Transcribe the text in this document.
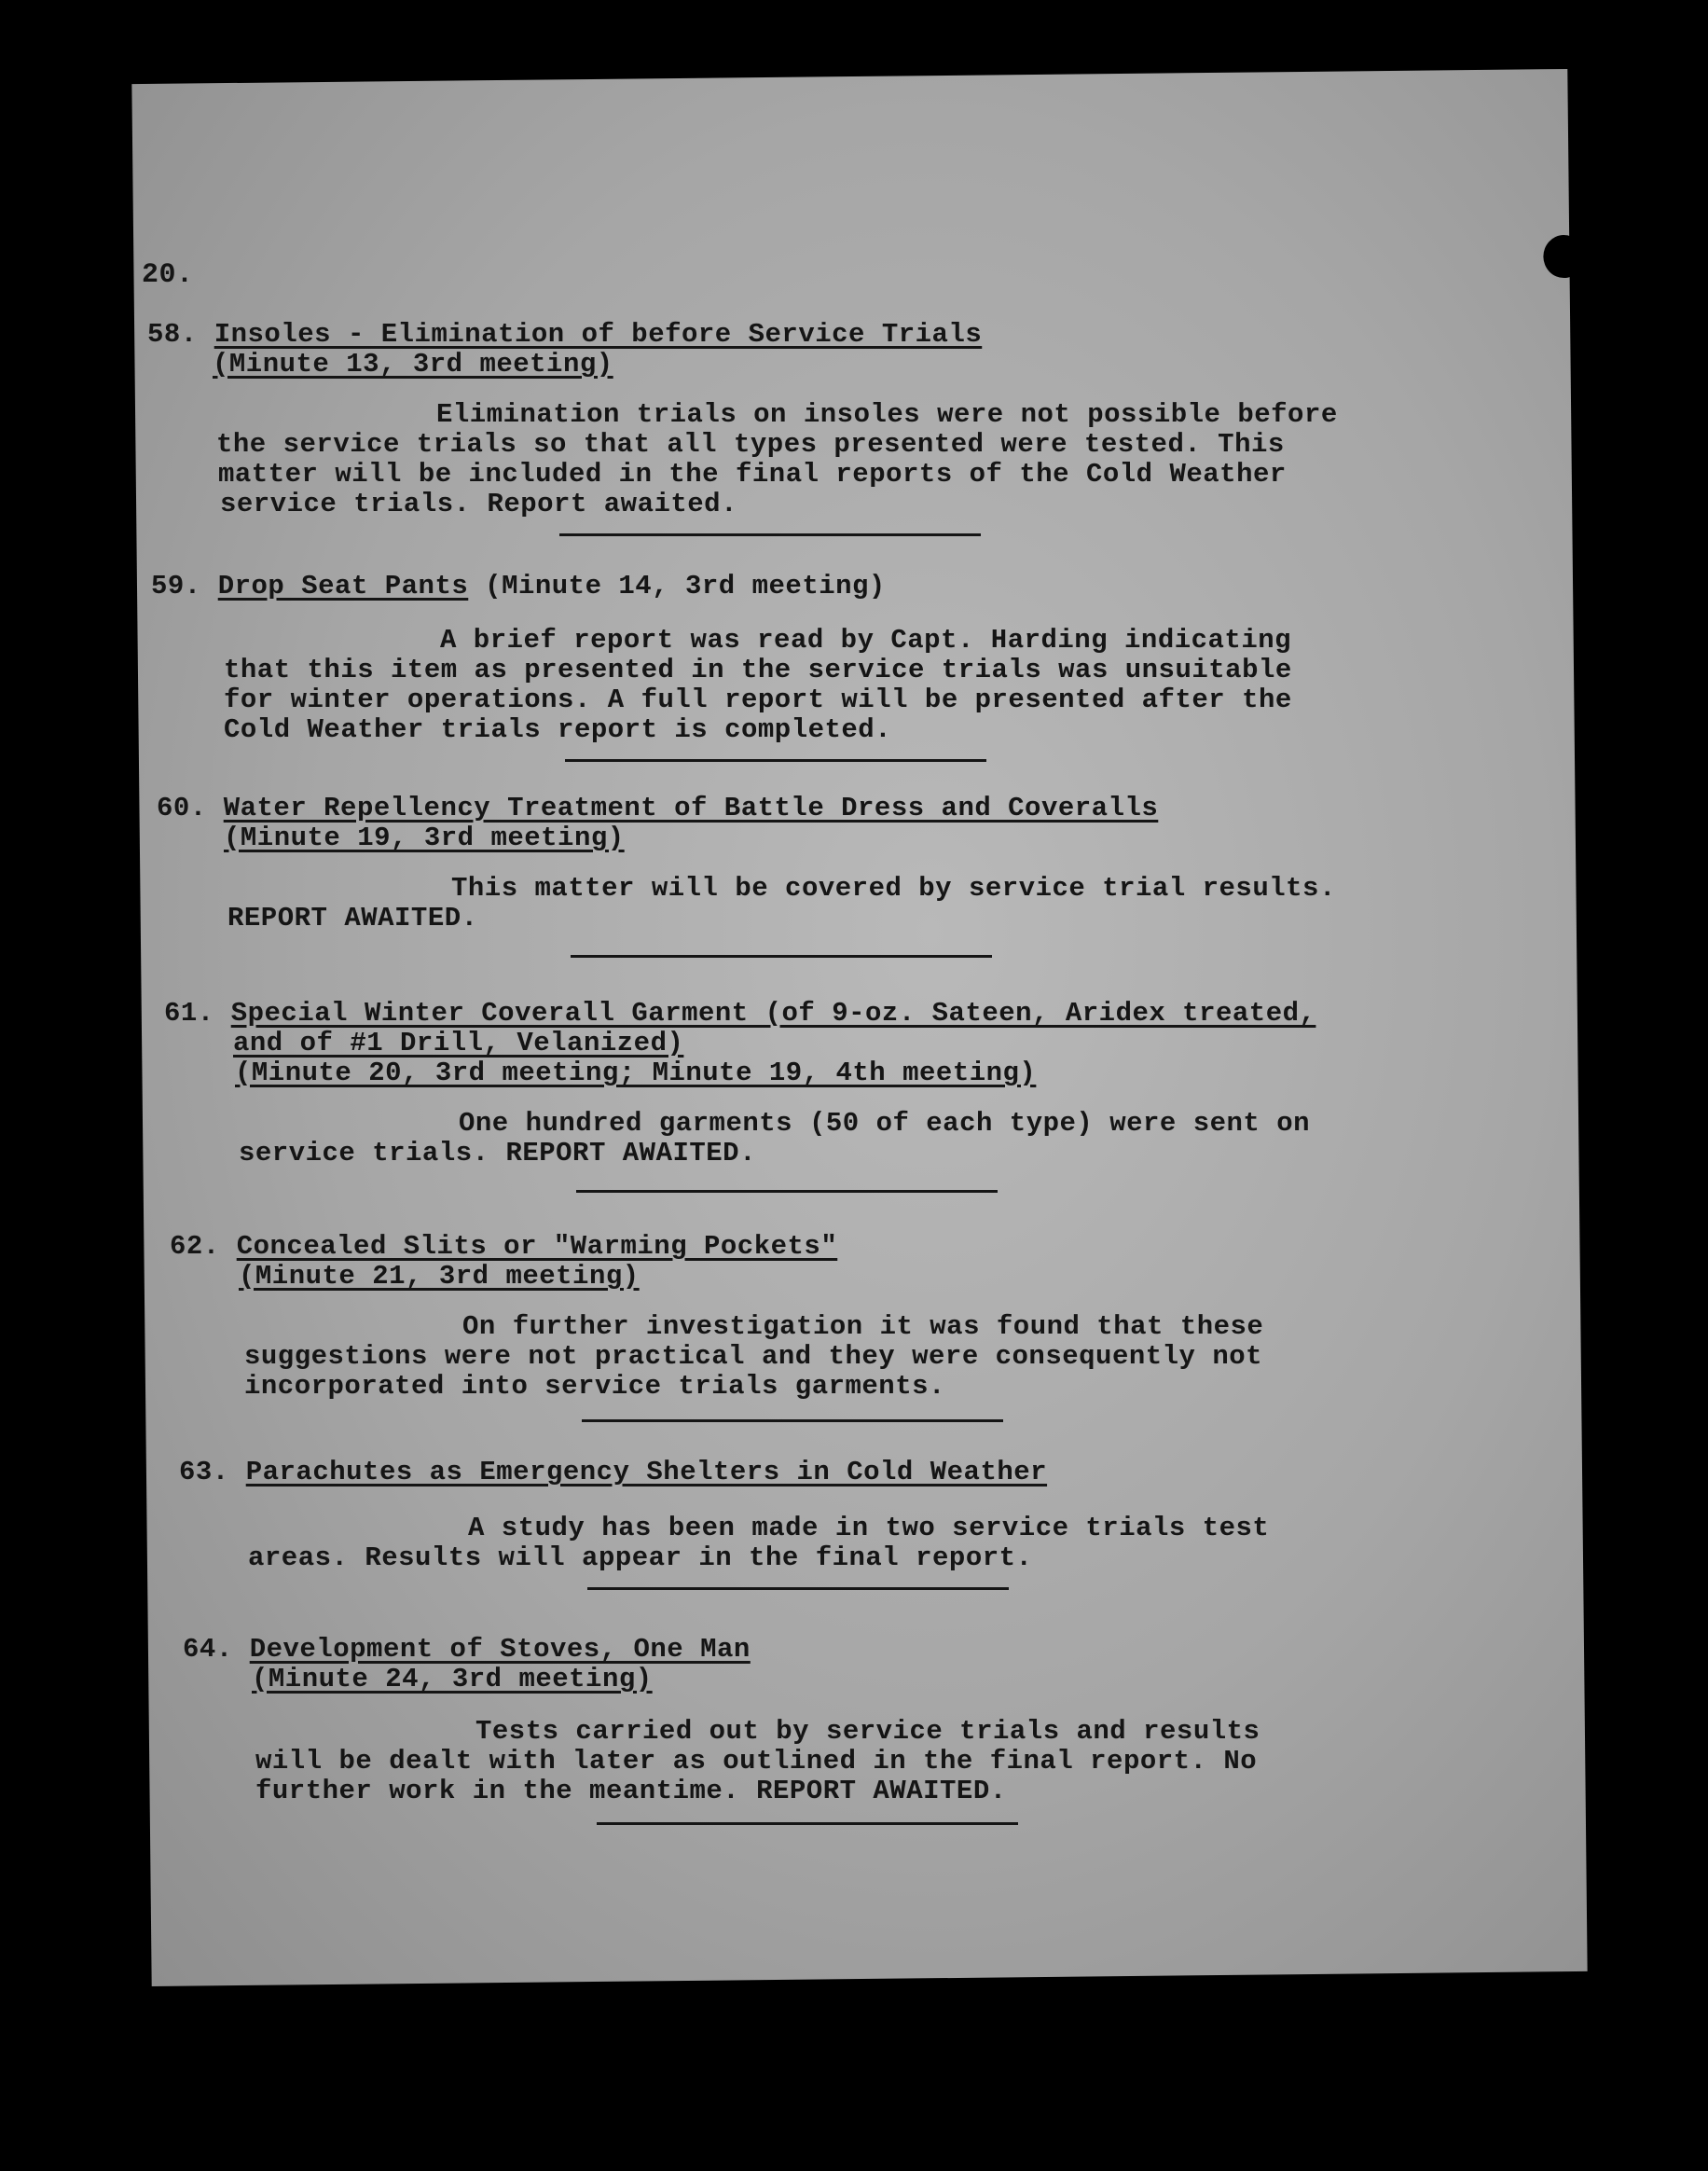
20.
58. Insoles - Elimination of before Service Trials
(Minute 13, 3rd meeting)
Elimination trials on insoles were not possible before
the service trials so that all types presented were tested. This
matter will be included in the final reports of the Cold Weather
service trials. Report awaited.
59. Drop Seat Pants (Minute 14, 3rd meeting)
A brief report was read by Capt. Harding indicating
that this item as presented in the service trials was unsuitable
for winter operations. A full report will be presented after the
Cold Weather trials report is completed.
60. Water Repellency Treatment of Battle Dress and Coveralls
(Minute 19, 3rd meeting)
This matter will be covered by service trial results.
REPORT AWAITED.
61. Special Winter Coverall Garment (of 9-oz. Sateen, Aridex treated,
and of #1 Drill, Velanized)
(Minute 20, 3rd meeting; Minute 19, 4th meeting)
One hundred garments (50 of each type) were sent on
service trials. REPORT AWAITED.
62. Concealed Slits or "Warming Pockets"
(Minute 21, 3rd meeting)
On further investigation it was found that these
suggestions were not practical and they were consequently not
incorporated into service trials garments.
63. Parachutes as Emergency Shelters in Cold Weather
A study has been made in two service trials test
areas. Results will appear in the final report.
64. Development of Stoves, One Man
(Minute 24, 3rd meeting)
Tests carried out by service trials and results
will be dealt with later as outlined in the final report. No
further work in the meantime. REPORT AWAITED.
